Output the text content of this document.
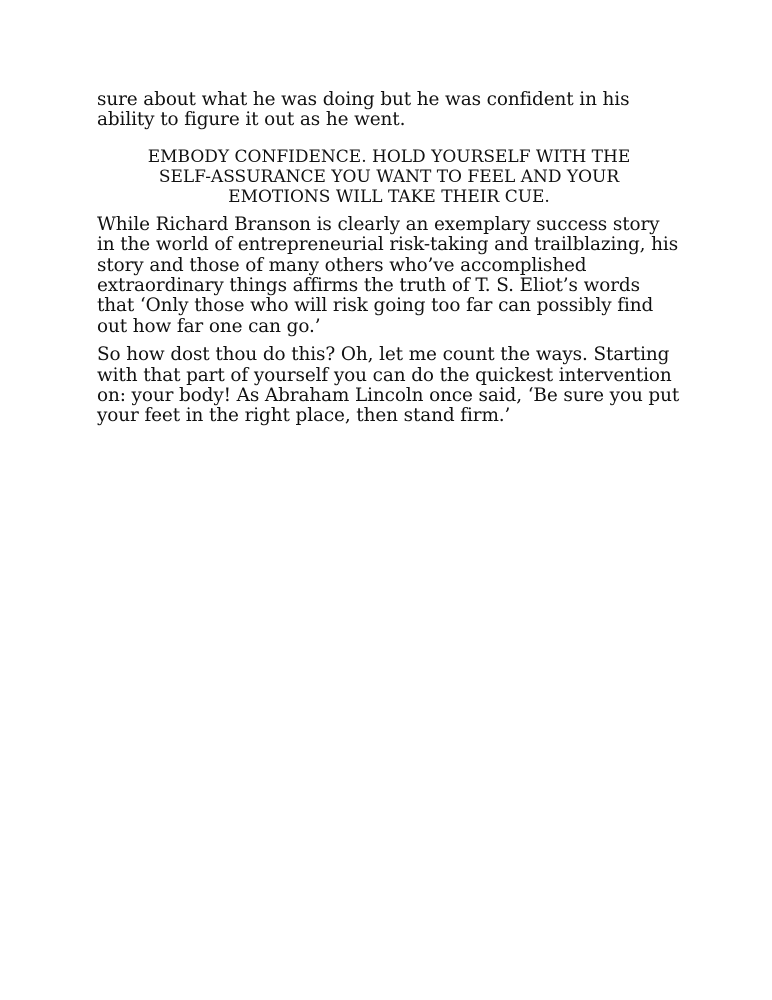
sure about what he was doing but he was confident in his ability to figure it out as he went.

EMBODY CONFIDENCE. HOLD YOURSELF WITH THE SELF-ASSURANCE YOU WANT TO FEEL AND YOUR EMOTIONS WILL TAKE THEIR CUE.

While Richard Branson is clearly an exemplary success story in the world of entrepreneurial risk-taking and trailblazing, his story and those of many others who’ve accomplished extraordinary things affirms the truth of T. S. Eliot’s words that ‘Only those who will risk going too far can possibly find out how far one can go.’

So how dost thou do this? Oh, let me count the ways. Starting with that part of yourself you can do the quickest intervention on: your body! As Abraham Lincoln once said, ‘Be sure you put your feet in the right place, then stand firm.’
